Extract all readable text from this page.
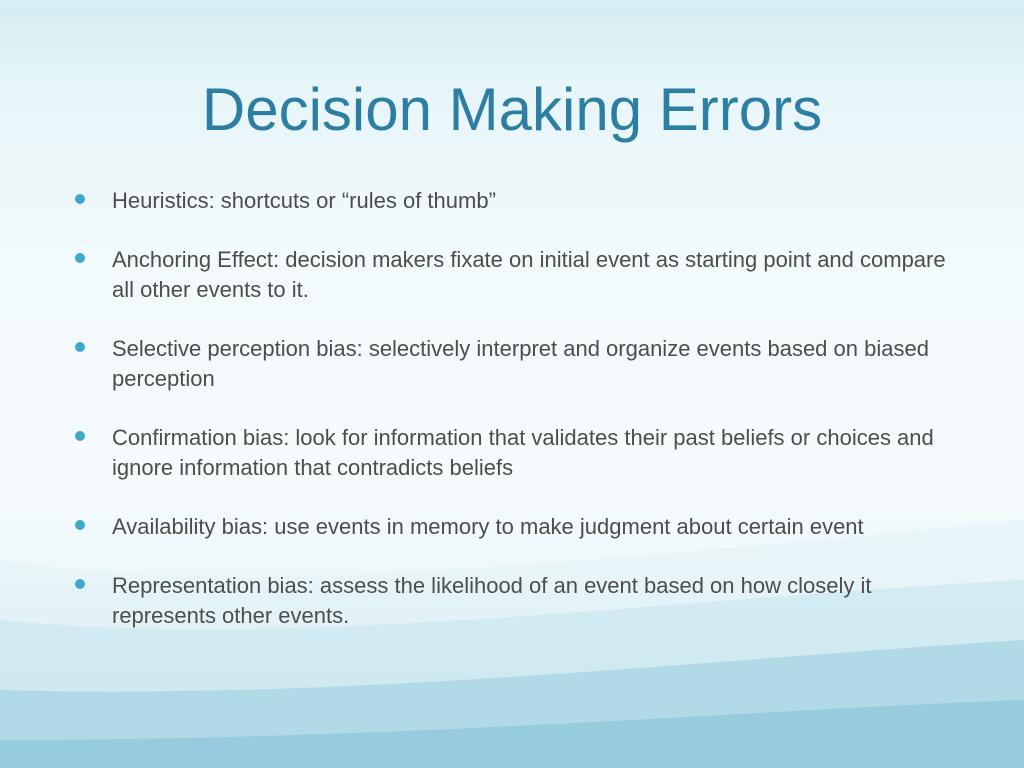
Decision Making Errors
Heuristics: shortcuts or “rules of thumb”
Anchoring Effect: decision makers fixate on initial event as starting point and compare all other events to it.
Selective perception bias: selectively interpret and organize events based on biased perception
Confirmation bias: look for information that validates their past beliefs or choices and ignore information that contradicts beliefs
Availability bias: use events in memory to make judgment about certain event
Representation bias: assess the likelihood of an event based on how closely it represents other events.
